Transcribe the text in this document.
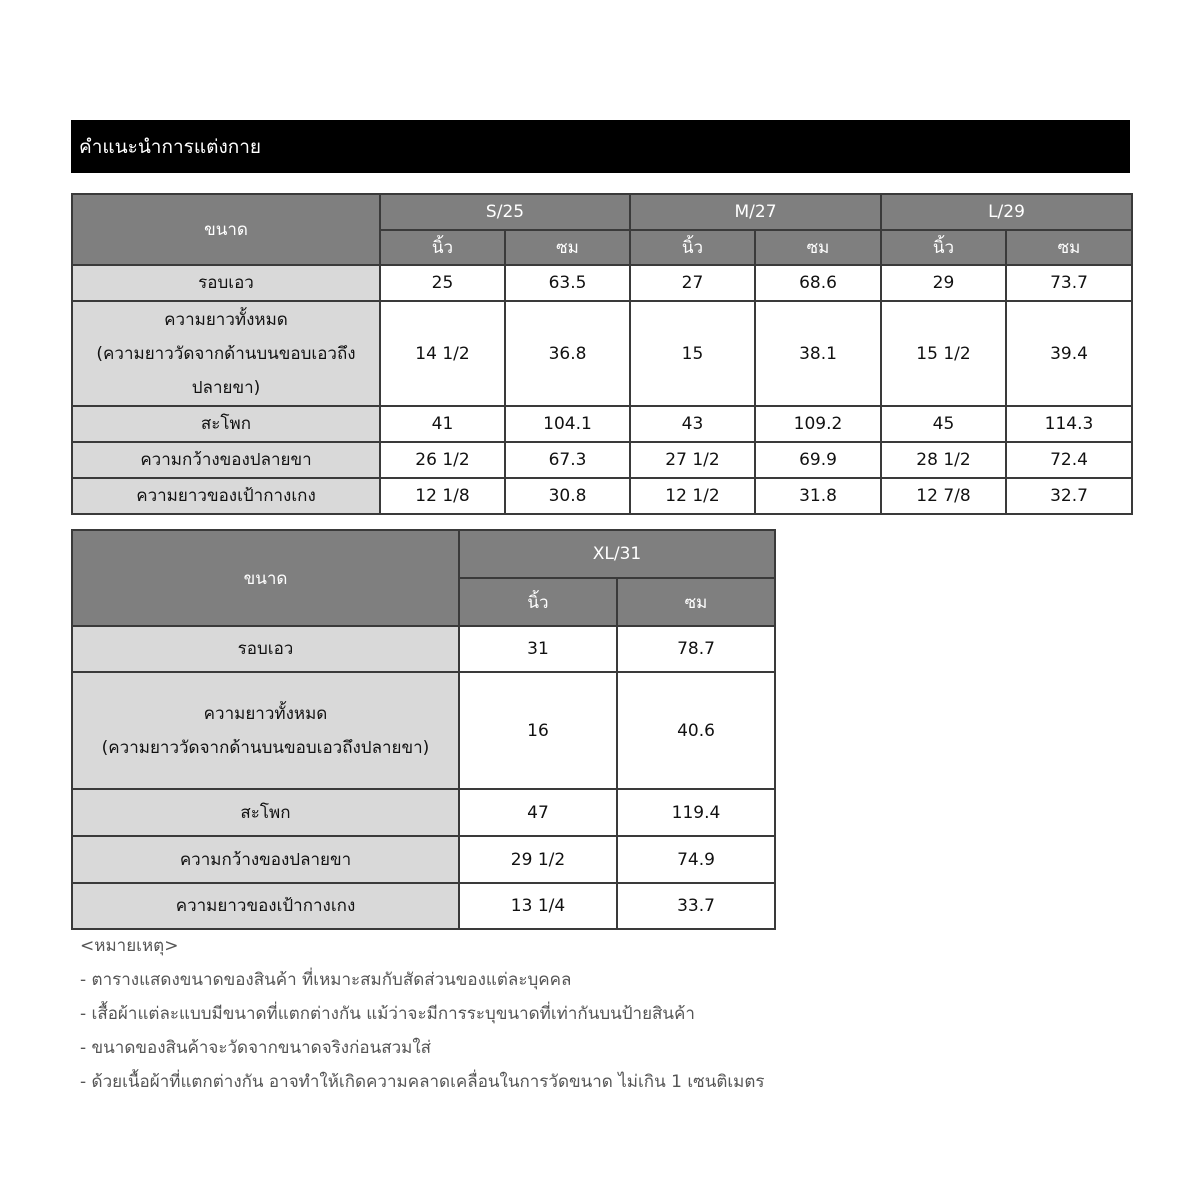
คำแนะนำการแต่งกาย
ขนาด	S/25		M/27		L/29	
	นิ้ว	ซม	นิ้ว	ซม	นิ้ว	ซม
รอบเอว	25	63.5	27	68.6	29	73.7

ความยาวทั้งหมด
(ความยาววัดจากด้านบนขอบเอวถึง
ปลายขา)	14 1/2	36.8	15	38.1	15 1/2	39.4
สะโพก	41	104.1	43	109.2	45	114.3
ความกว้างของปลายขา	26 1/2	67.3	27 1/2	69.9	28 1/2	72.4
ความยาวของเป้ากางเกง	12 1/8	30.8	12 1/2	31.8	12 7/8	32.7
ขนาด	XL/31	
	นิ้ว	ซม
รอบเอว	31	78.7

ความยาวทั้งหมด
(ความยาววัดจากด้านบนขอบเอวถึงปลายขา)	16	40.6
สะโพก	47	119.4
ความกว้างของปลายขา	29 1/2	74.9
ความยาวของเป้ากางเกง	13 1/4	33.7
<หมายเหตุ>
- ตารางแสดงขนาดของสินค้า ที่เหมาะสมกับสัดส่วนของแต่ละบุคคล
- เสื้อผ้าแต่ละแบบมีขนาดที่แตกต่างกัน แม้ว่าจะมีการระบุขนาดที่เท่ากันบนป้ายสินค้า
- ขนาดของสินค้าจะวัดจากขนาดจริงก่อนสวมใส่
- ด้วยเนื้อผ้าที่แตกต่างกัน อาจทำให้เกิดความคลาดเคลื่อนในการวัดขนาด ไม่เกิน 1 เซนติเมตร
